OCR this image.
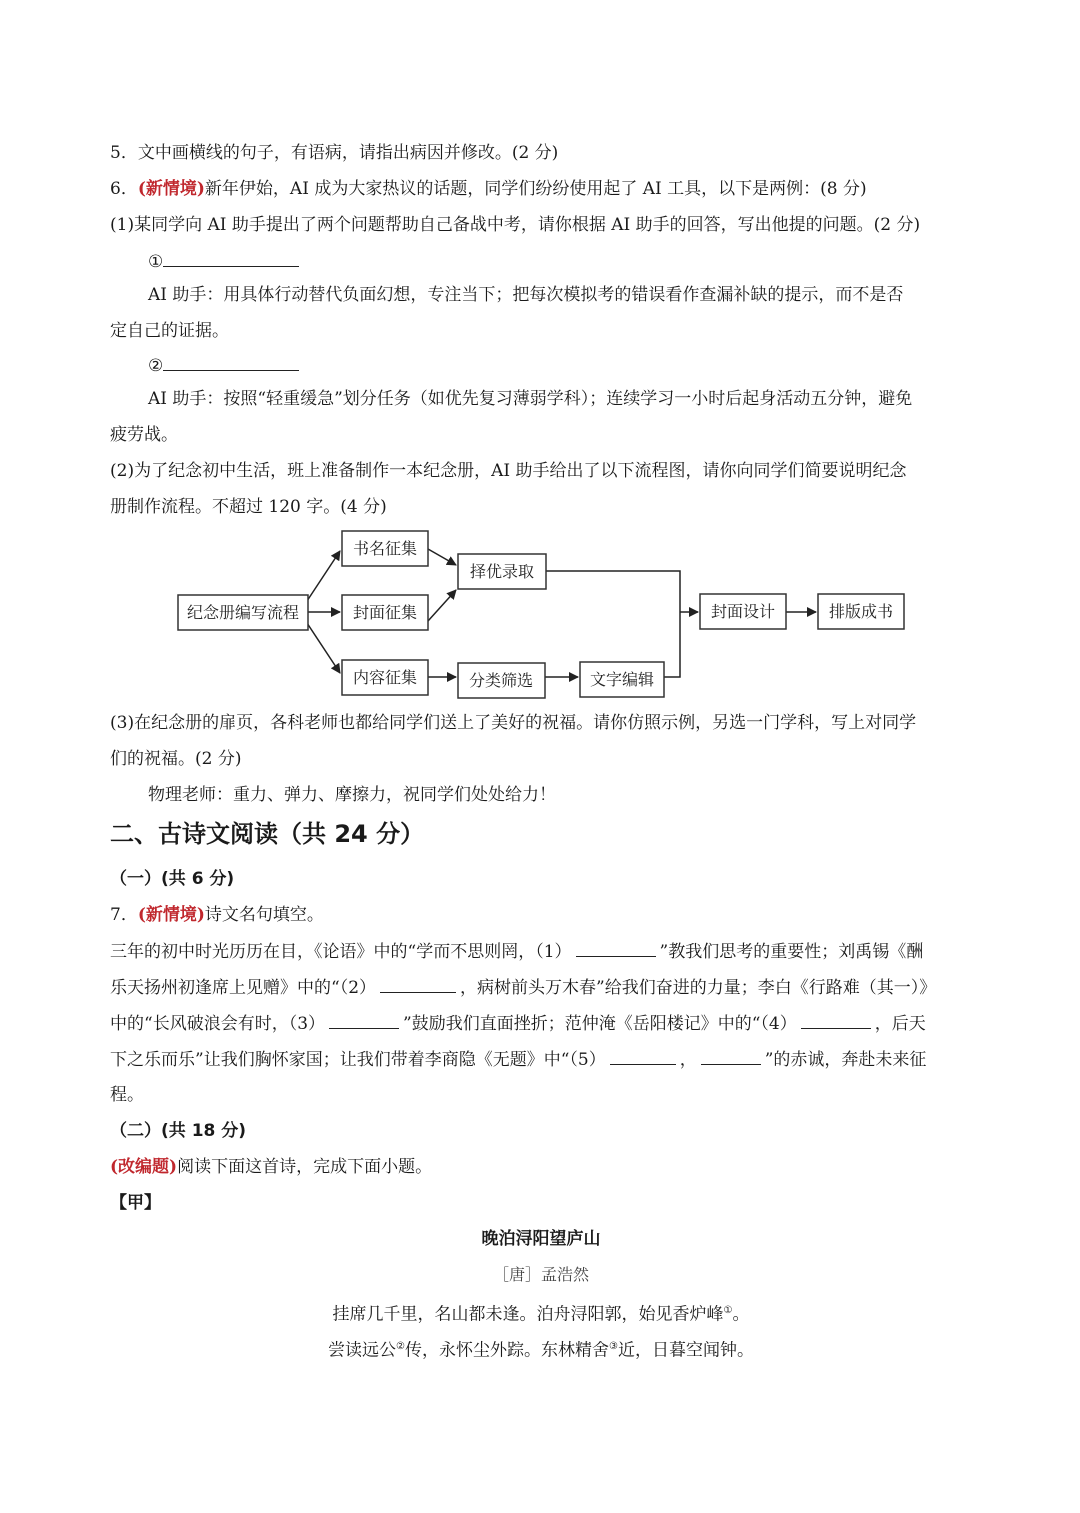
5．文中画横线的句子，有语病，请指出病因并修改。(2 分)
6．(新情境)新年伊始，AI 成为大家热议的话题，同学们纷纷使用起了 AI 工具，以下是两例：(8 分)
(1)某同学向 AI 助手提出了两个问题帮助自己备战中考，请你根据 AI 助手的回答，写出他提的问题。(2 分)
①
AI 助手：用具体行动替代负面幻想，专注当下；把每次模拟考的错误看作查漏补缺的提示，而不是否
定自己的证据。
②
AI 助手：按照“轻重缓急”划分任务（如优先复习薄弱学科）；连续学习一小时后起身活动五分钟，避免
疲劳战。
(2)为了纪念初中生活，班上准备制作一本纪念册，AI 助手给出了以下流程图，请你向同学们简要说明纪念
册制作流程。不超过 120 字。(4 分)
纪念册编写流程
书名征集
封面征集
内容征集
择优录取
分类筛选	文字编辑
封面设计	排版成书
(3)在纪念册的扉页，各科老师也都给同学们送上了美好的祝福。请你仿照示例，另选一门学科，写上对同学
们的祝福。(2 分)
物理老师：重力、弹力、摩擦力，祝同学们处处给力！
二、古诗文阅读（共 24 分）
（一）(共 6 分)
7．(新情境)诗文名句填空。
三年的初中时光历历在目，《论语》中的“学而不思则罔，（1）	”教我们思考的重要性；刘禹锡《酬
乐天扬州初逢席上见赠》中的“（2）	，病树前头万木春”给我们奋进的力量；李白《行路难（其一）》
中的“长风破浪会有时，（3）	”鼓励我们直面挫折；范仲淹《岳阳楼记》中的“（4）	，后天
下之乐而乐”让我们胸怀家国；让我们带着李商隐《无题》中“（5）	，	”的赤诚，奔赴未来征
程。
（二）(共 18 分)
(改编题)阅读下面这首诗，完成下面小题。
【甲】
晚泊浔阳望庐山
［唐］孟浩然
挂席几千里，名山都未逢。泊舟浔阳郭，始见香炉峰①。
尝读远公②传，永怀尘外踪。东林精舍③近，日暮空闻钟。
